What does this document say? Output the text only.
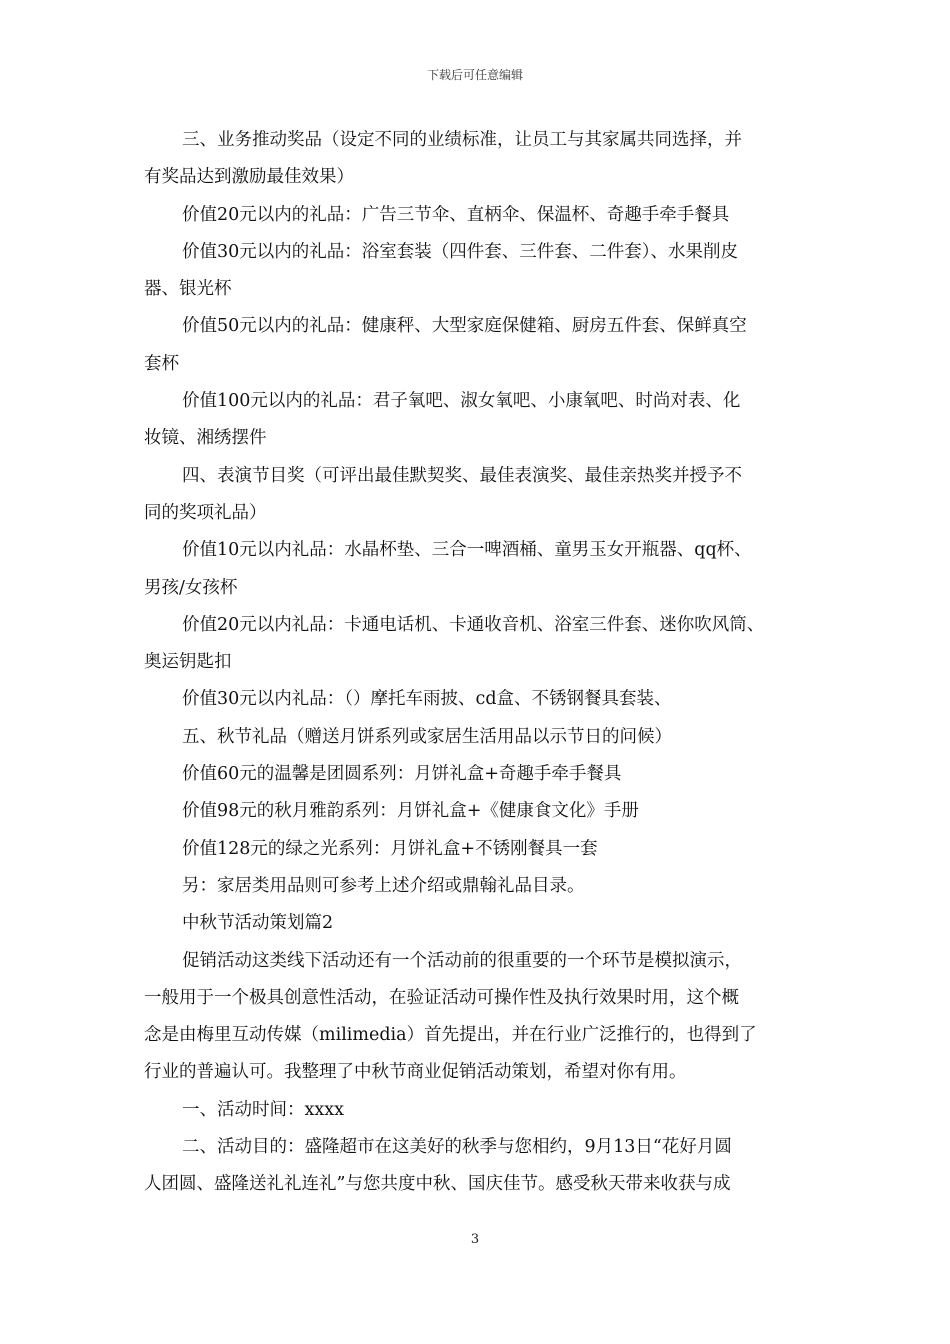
下载后可任意编辑
三、业务推动奖品（设定不同的业绩标准，让员工与其家属共同选择，并
有奖品达到激励最佳效果）
价值20元以内的礼品：广告三节伞、直柄伞、保温杯、奇趣手牵手餐具
价值30元以内的礼品：浴室套装（四件套、三件套、二件套）、水果削皮
器、银光杯
价值50元以内的礼品：健康秤、大型家庭保健箱、厨房五件套、保鲜真空
套杯
价值100元以内的礼品：君子氧吧、淑女氧吧、小康氧吧、时尚对表、化
妆镜、湘绣摆件
四、表演节目奖（可评出最佳默契奖、最佳表演奖、最佳亲热奖并授予不
同的奖项礼品）
价值10元以内礼品：水晶杯垫、三合一啤酒桶、童男玉女开瓶器、qq杯、
男孩/女孩杯
价值20元以内礼品：卡通电话机、卡通收音机、浴室三件套、迷你吹风筒、
奥运钥匙扣
价值30元以内礼品：（）摩托车雨披、cd盒、不锈钢餐具套装、
五、秋节礼品（赠送月饼系列或家居生活用品以示节日的问候）
价值60元的温馨是团圆系列：月饼礼盒+奇趣手牵手餐具
价值98元的秋月雅韵系列：月饼礼盒+《健康食文化》手册
价值128元的绿之光系列：月饼礼盒+不锈刚餐具一套
另：家居类用品则可参考上述介绍或鼎翰礼品目录。
中秋节活动策划篇2
促销活动这类线下活动还有一个活动前的很重要的一个环节是模拟演示，
一般用于一个极具创意性活动，在验证活动可操作性及执行效果时用，这个概
念是由梅里互动传媒（milimedia）首先提出，并在行业广泛推行的，也得到了
行业的普遍认可。我整理了中秋节商业促销活动策划，希望对你有用。
一、活动时间：xxxx
二、活动目的：盛隆超市在这美好的秋季与您相约，9月13日“花好月圆
人团圆、盛隆送礼礼连礼”与您共度中秋、国庆佳节。感受秋天带来收获与成
3
